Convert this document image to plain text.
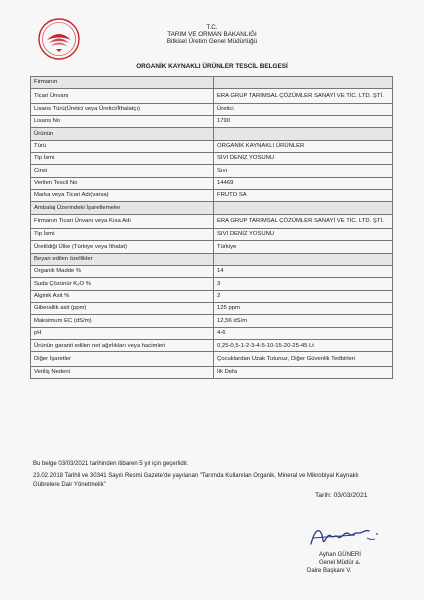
T.C.
TARIM VE ORMAN BAKANLIĞI
Bitkisel Üretim Genel Müdürlüğü
ORGANİK KAYNAKLI ÜRÜNLER TESCİL BELGESİ
Firmanın	
Ticari Ünvanı	ERA GRUP TARIMSAL ÇÖZÜMLER SANAYİ VE TİC. LTD. ŞTİ.
Lisans Türü(Üretici veya Üretici/İthalatçı)	Üretici
Lisans No	1790
Ürünün	
Türü	ORGANİK KAYNAKLI ÜRÜNLER
Tip İsmi	SIVI DENİZ YOSUNU
Cinsi	Sıvı
Verilen Tescil No	14469
Marka veya Ticari Adı(varsa)	FRUTO SA
Ambalaj Üzerindeki İşaretlemeler	
Firmanın Ticari Ünvanı veya Kısa Adı	ERA GRUP TARIMSAL ÇÖZÜMLER SANAYİ VE TİC. LTD. ŞTİ.
Tip İsmi	SIVI DENİZ YOSUNU
Üretildiği Ülke (Türkiye veya İthalat)	Türkiye
Beyan edilen özellikler	
Organik Madde %	14
Suda Çözünür K₂O %	3
Alginik Asit %	2
Giberallik asit (ppm)	125 ppm
Maksimum EC (dS/m)	12,56 dS/m
pH	4-6
Ürünün garanti edilen net ağırlıkları veya hacimleri	0,25-0,5-1-2-3-4-5-10-15-20-25-45 Lt
Diğer İşaretler	Çocuklardan Uzak Tutunuz, Diğer Güvenlik Tedbirleri
Veriliş Nedeni	İlk Defa
Bu belge 03/03/2021 tarihinden itibaren 5 yıl için geçerlidir.
23.02.2018 Tarihli ve 30341 Sayılı Resmi Gazete'de yayılanan "Tarımda Kullanılan Organik, Mineral ve Mikrobiyal Kaynaklı Gübrelere Dair Yönetmelik"
Tarih: 03/03/2021
Ayhan GÜNERİ
Genel Müdür a.
Daire Başkanı V.
